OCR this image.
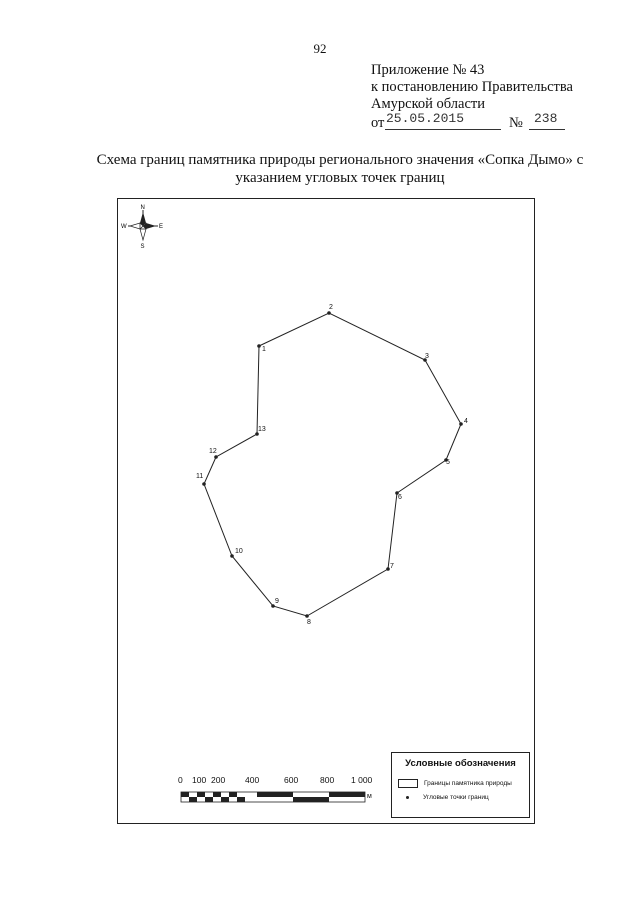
92
Приложение № 43
к постановлению Правительства
Амурской области
от 25.05.2015	№ 238
Схема границ памятника природы регионального значения «Сопка Дымо» с
указанием угловых точек границ
N
S
W	E
1
2
3
4
5
6
7
8
9
10
11
12
13
0 100 200 400	600	800 1 000
м
Условные обозначения
Границы памятника природы
Угловые точки границ
